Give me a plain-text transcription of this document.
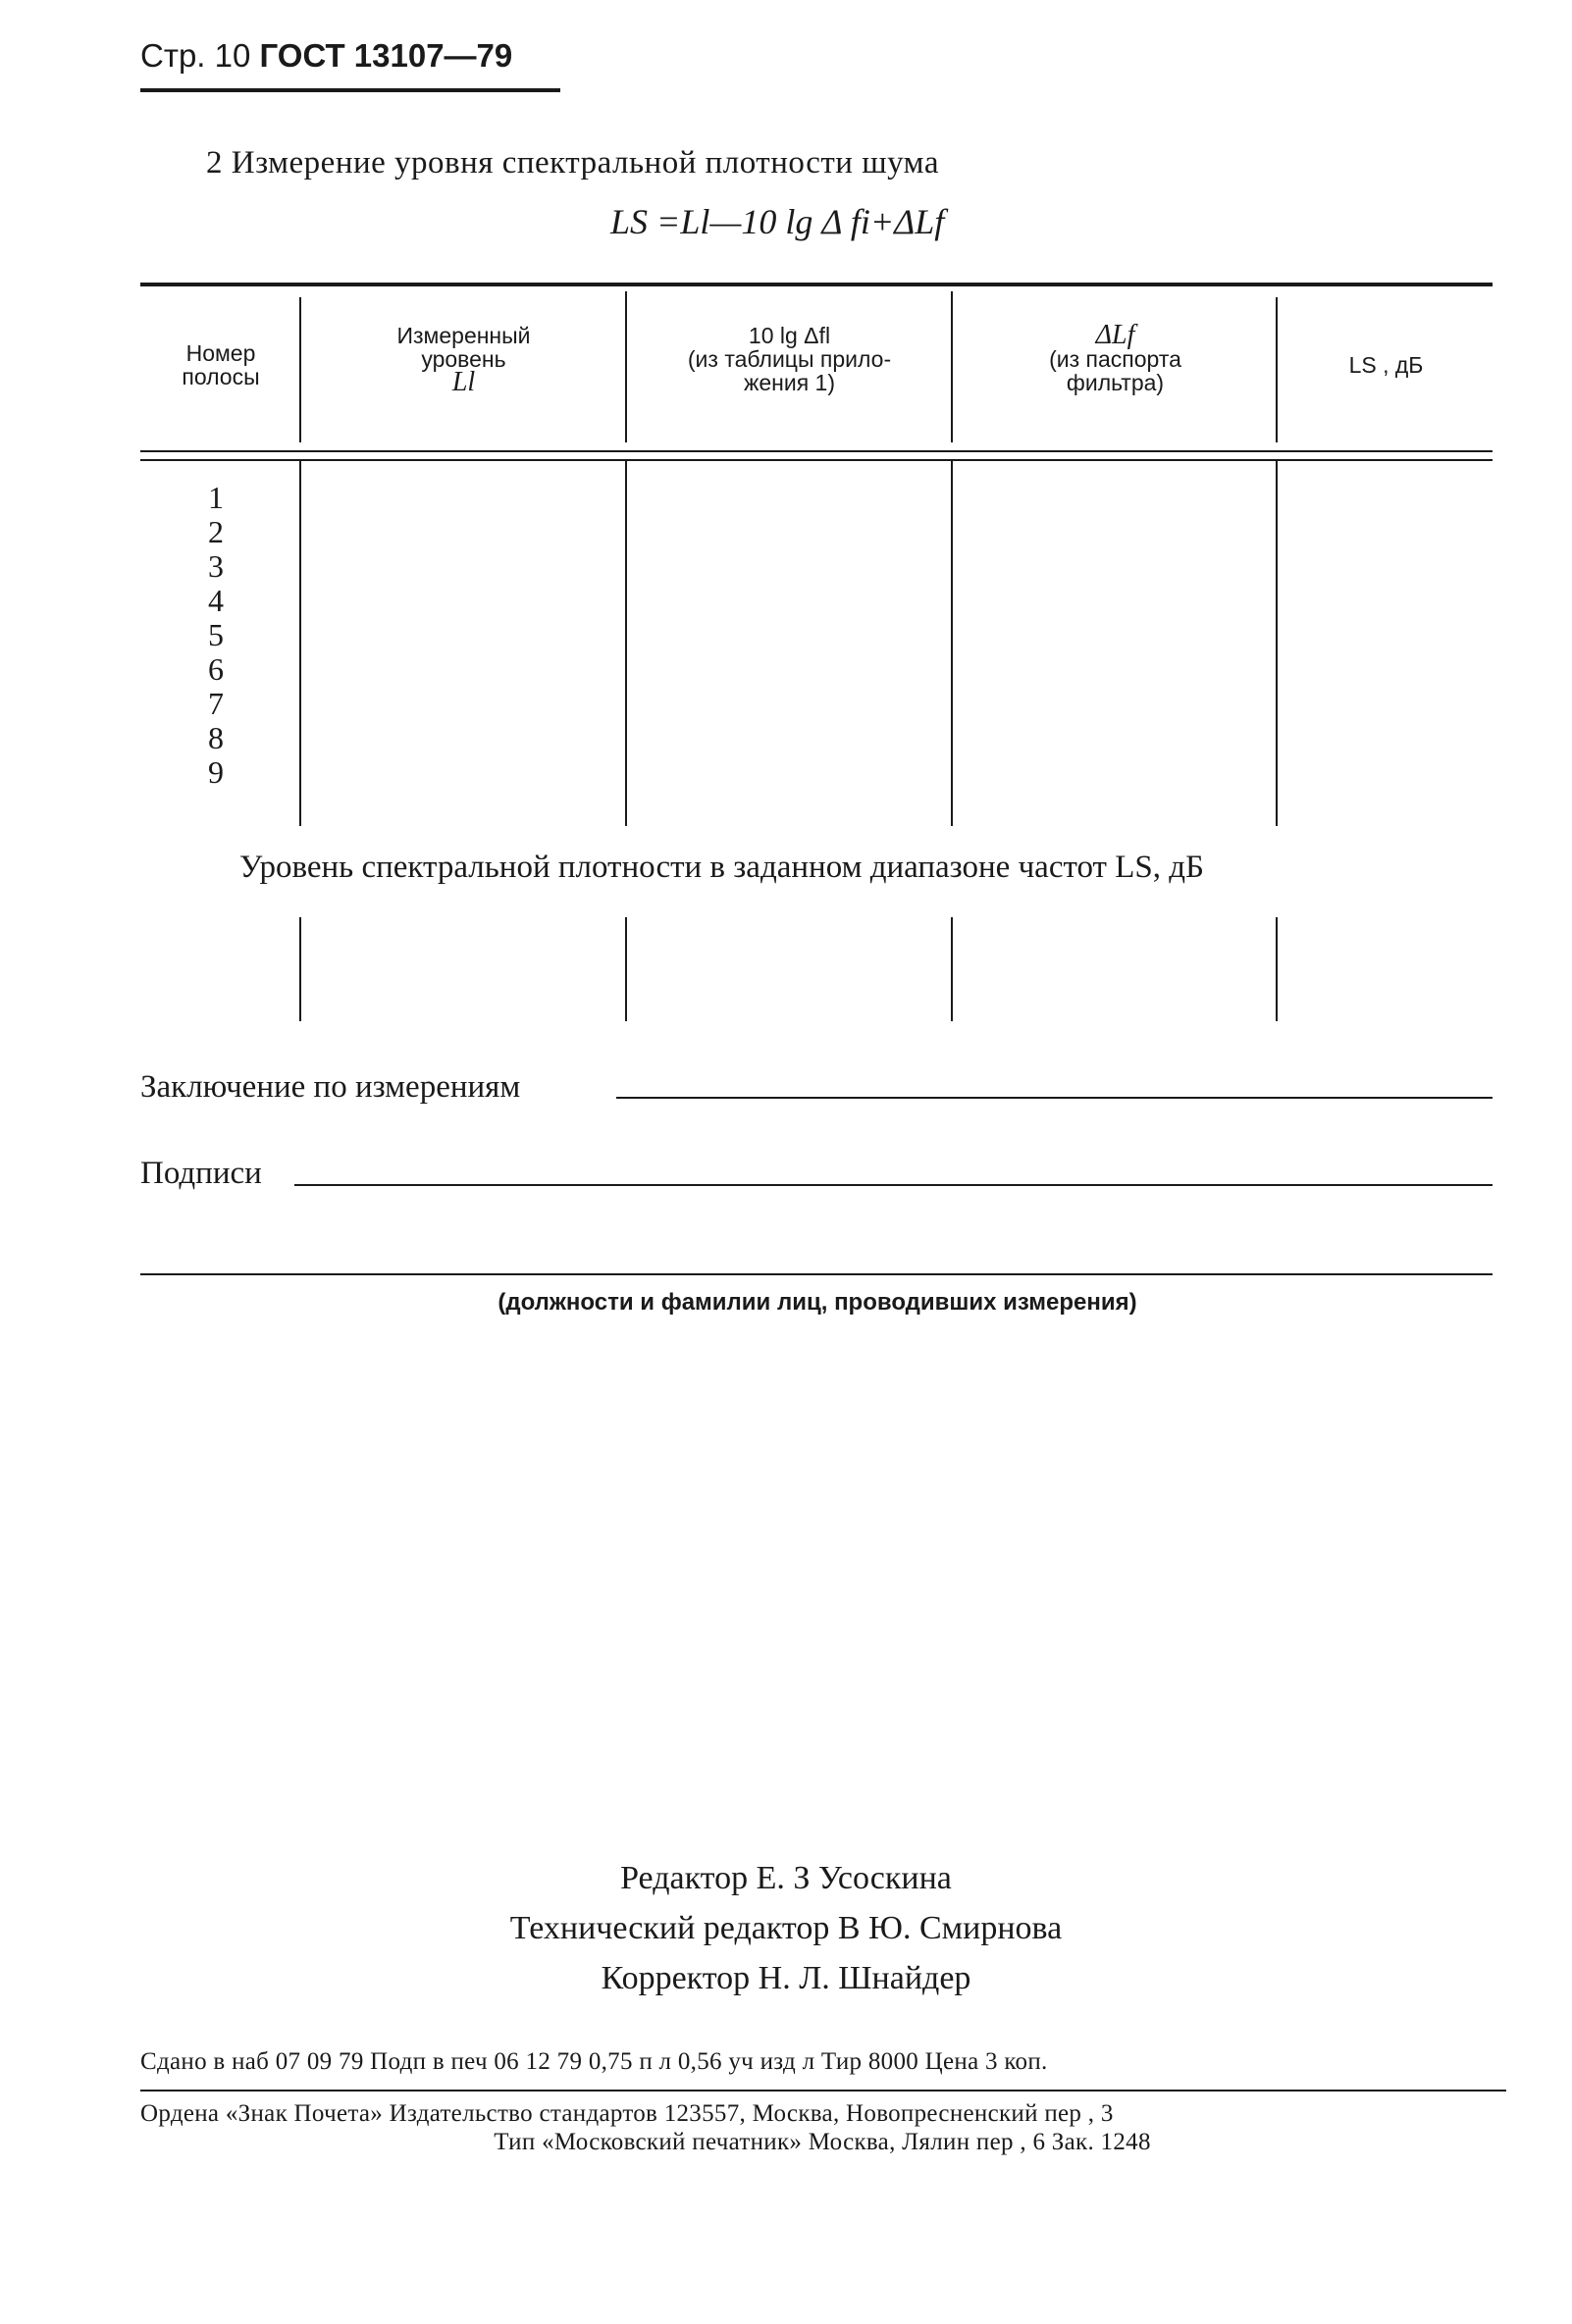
Стр. 10 ГОСТ 13107—79
2 Измерение уровня спектральной плотности шума
LS =Ll—10 lg Δ fi+ΔLf
Номер
полосы
Измеренный
уровень
Ll
10 lg Δfl
(из таблицы прило-
жения 1)
ΔLf
(из паспорта
фильтра)
LS , дБ
1
2
3
4
5
6
7
8
9
Уровень спектральной плотности в заданном диапазоне частот LS, дБ
Заключение по измерениям
Подписи
(должности и фамилии лиц, проводивших измерения)
Редактор Е. З Усоскина
Технический редактор В Ю. Смирнова
Корректор Н. Л. Шнайдер
Сдано в наб 07 09 79 Подп в печ 06 12 79 0,75 п л 0,56 уч изд л Тир 8000 Цена 3 коп.
Ордена «Знак Почета» Издательство стандартов 123557, Москва, Новопресненский пер , 3
Тип «Московский печатник» Москва, Лялин пер , 6 Зак. 1248
